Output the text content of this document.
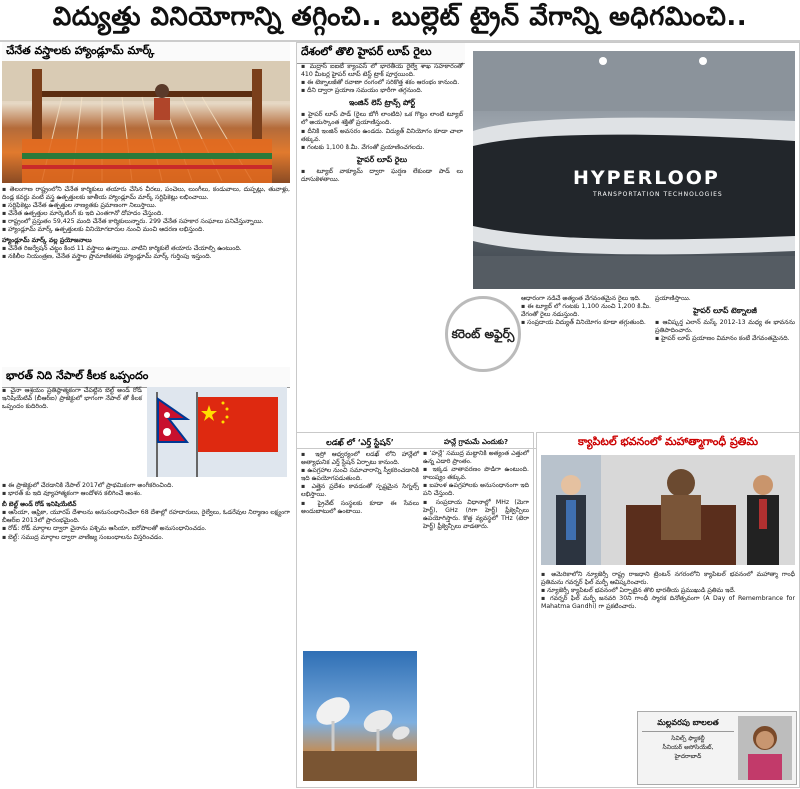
విద్యుత్తు వినియోగాన్ని తగ్గించి.. బుల్లెట్ ట్రైన్ వేగాన్ని అధిగమించి..
చేనేత వస్త్రాలకు హ్యాండ్లూమ్ మార్క్
▪ తెలంగాణ రాష్ట్రంలోని చేనేత కార్మికులు తయారు చేసిన చీరలు, పంచెలు, లుంగీలు, కండువాలు, దుప్పట్లు, తువాళ్లు, దిండ్ల కవర్లు వంటి వస్త్ర ఉత్పత్తులకు జాతీయ హ్యాండ్లూమ్ మార్క్ సర్టిఫికెట్లు లభించాయి.
▪ సర్టిఫికెట్లు చేనేత ఉత్పత్తుల నాణ్యతకు ప్రమాణంగా నిలుస్తాయి.
▪ చేనేత ఉత్పత్తుల మార్కెటింగ్ కు ఇది ఎంతగానో దోహదం చేస్తుంది.
▪ రాష్ట్రంలో ప్రస్తుతం 59,425 మంది చేనేత కార్మికులున్నారు. 299 చేనేత సహకార సంఘాలు పనిచేస్తున్నాయి.
▪ హ్యాండ్లూమ్ మార్క్ ఉత్పత్తులకు వినియోగదారుల నుంచి మంచి ఆదరణ లభిస్తుంది.
హ్యాండ్లూమ్ మార్క్ వల్ల ప్రయోజనాలు
▪ చేనేత రిజర్వేషన్ చట్టం కింద 11 వస్త్రాలు ఉన్నాయి. వాటిని కార్మికులే తయారు చేయాల్సి ఉంటుంది.
▪ నకిలీల నియంత్రణ, చేనేత వస్త్రాల ప్రామాణికతకు హ్యాండ్లూమ్ మార్క్ గుర్తింపు ఇస్తుంది.
భారత్ నిది నేపాల్ కీలక ఒప్పందం
▪ చైనా ఆశ్రయం ప్రతిష్ఠాత్మకంగా చేపట్టిన బెల్ట్ అండ్ రోడ్ ఇనిషియేటివ్ (బీఆర్ఐ) ప్రాజెక్టులో భాగంగా నేపాల్ తో కీలక ఒప్పందం కుదిరింది.
▪ ఈ ప్రాజెక్టులో చేరడానికి నేపాల్ 2017లో ప్రాథమికంగా అంగీకరించింది.
▪ భారత్ కు ఇది వ్యూహాత్మకంగా ఆందోళన కలిగించే అంశం.
బీ బెల్ట్ అండ్ రోడ్ ఇనిషియేటివ్
▪ ఆసియా, ఆఫ్రికా, యూరప్ దేశాలను అనుసంధానించేలా 68 దేశాల్లో రహదారులు, రైల్వేలు, ఓడరేవుల నిర్మాణం లక్ష్యంగా బీఆర్ఐ 2013లో ప్రారంభమైంది.
▪ రోడ్: రోడ్ మార్గాల ద్వారా చైనాను పశ్చిమ ఆసియా, ఐరోపాలతో అనుసంధానించడం.
▪ బెల్ట్: సముద్ర మార్గాల ద్వారా వాణిజ్య సంబంధాలను విస్తరించడం.
దేశంలో తొలి హైపర్ లూప్ రైలు
▪ మద్రాస్ ఐఐటీ క్యాంపస్ లో భారతీయ రైల్వే శాఖ సహకారంతో 410 మీటర్ల హైపర్ లూప్ టెస్ట్ ట్రాక్ పూర్తయింది.
▪ ఈ టెక్నాలజీతో రవాణా రంగంలో సరికొత్త శకం ఆరంభం కానుంది.
▪ దీని ద్వారా ప్రయాణ సమయం భారీగా తగ్గనుంది.
ఇంజిన్ లెస్ ట్రాన్స్ పోర్ట్
▪ హైపర్ లూప్ పాడ్ (రైలు బోగీ లాంటిది) ఒక గొట్టం లాంటి ట్యూబ్ లో అయస్కాంత శక్తితో ప్రయాణిస్తుంది.
▪ దీనికి ఇంజిన్ అవసరం ఉండదు. విద్యుత్ వినియోగం కూడా చాలా తక్కువ.
▪ గంటకు 1,100 కి.మీ. వేగంతో ప్రయాణించగలదు.
హైపర్ లూప్ రైలు
▪ ట్యూబ్ వాక్యూమ్ ద్వారా ఘర్షణ లేకుండా పాడ్ లు దూసుకెళతాయి.	HYPERLOOP
TRANSPORTATION TECHNOLOGIES
కరెంట్ అఫైర్స్
ఆధారంగా నడిచే అత్యంత వేగవంతమైన రైలు ఇది.
▪ ఈ ట్యూబ్ లో గంటకు 1,100 నుంచి 1,200 కి.మీ. వేగంతో రైలు నడుస్తుంది.
▪ సంప్రదాయ విద్యుత్ వినియోగం కూడా తగ్గుతుంది.
ప్రయాణిస్తాయి.
హైపర్ లూప్ టెక్నాలజీ
▪ ఆవిష్కర్త ఎలాన్ మస్క్ 2012-13 మధ్య ఈ భావనను ప్రతిపాదించారు.
▪ హైపర్ లూప్ ప్రయాణం విమానం కంటే వేగవంతమైనది.
లడఖ్ లో ‘ఎర్త్ స్టేషన్’
▪ ఇస్రో ఆధ్వర్యంలో లడఖ్ లోని హాన్లేలో అత్యాధునిక ఎర్త్ స్టేషన్ ఏర్పాటు కానుంది.
▪ ఉపగ్రహాల నుంచి సమాచారాన్ని స్వీకరించడానికి ఇది ఉపయోగపడుతుంది.
▪ ఎత్తైన ప్రదేశం కావడంతో స్పష్టమైన సిగ్నల్స్ లభిస్తాయి.
▪ ప్రైవేట్ సంస్థలకు కూడా ఈ సేవలు అందుబాటులో ఉంటాయి.
హన్లే గ్రామమే ఎందుకు?
▪ ‘హన్లే’ సముద్ర మట్టానికి అత్యంత ఎత్తులో ఉన్న ఎడారి ప్రాంతం.
▪ ఇక్కడ వాతావరణం పొడిగా ఉంటుంది. కాలుష్యం తక్కువ.
▪ బహుళ ఉపగ్రహాలకు అనుసంధానంగా ఇది పని చేస్తుంది.
▪ సంప్రదాయ విధానాల్లో MHz (మెగా హెర్జ్), GHz (గిగా హెర్జ్) ఫ్రీక్వెన్సీలు ఉపయోగిస్తారు. కొత్త వ్యవస్థలో THz (టెరా హెర్జ్) ఫ్రీక్వెన్సీలు వాడతారు.
క్యాపిటల్ భవనంలో మహాత్మాగాంధీ ప్రతిమ
▪ అమెరికాలోని న్యూజెర్సీ రాష్ట్ర రాజధాని ట్రెంటన్ నగరంలోని క్యాపిటల్ భవనంలో మహాత్మా గాంధీ ప్రతిమను గవర్నర్ ఫిల్ మర్ఫీ ఆవిష్కరించారు.
▪ న్యూజెర్సీ క్యాపిటల్ భవనంలో ఏర్పాటైన తొలి భారతీయ ప్రముఖుడి ప్రతిమ ఇదే.
▪ గవర్నర్ ఫిల్ మర్ఫీ జనవరి 30ని గాంధీ స్మారక దినోత్సవంగా (A Day of Remembrance for Mahatma Gandhi) గా ప్రకటించారు.
మల్లవరపు బాలలత
సివిల్స్ ఫ్యాకల్టీ
సీనియర్ అసోసియేట్,
హైదరాబాద్
